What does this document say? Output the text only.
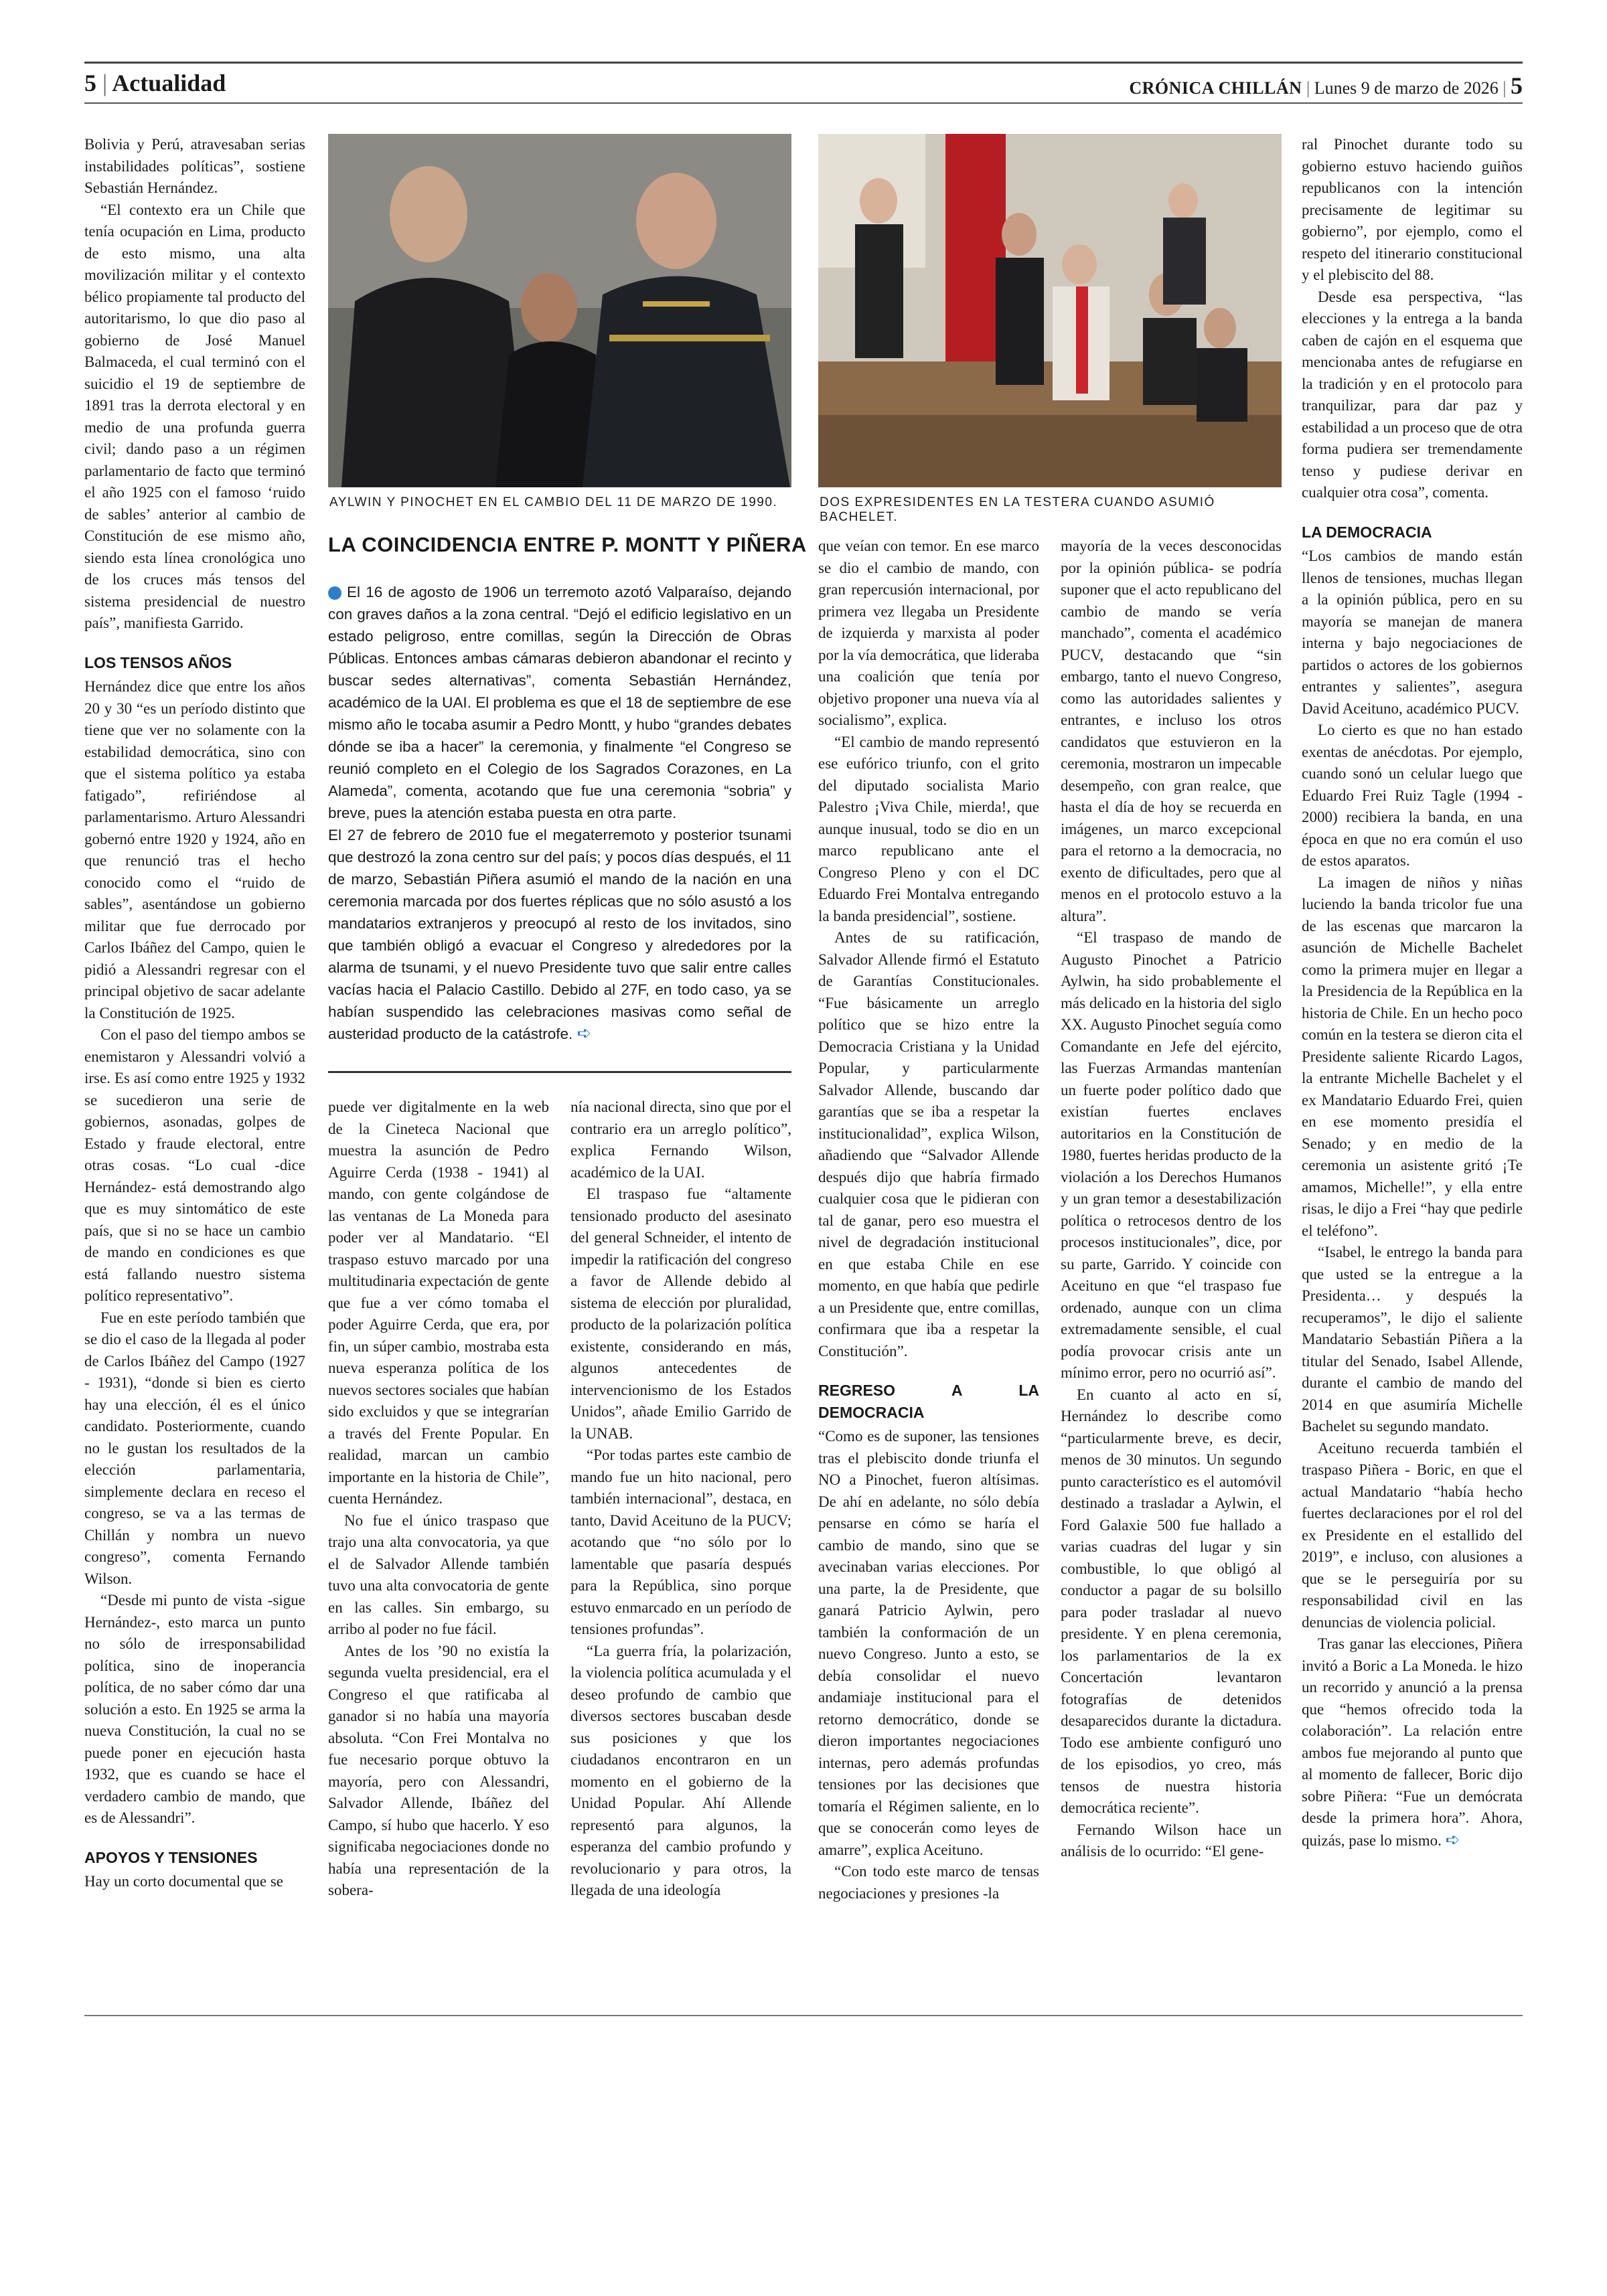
5 | Actualidad	CRÓNICA CHILLÁN | Lunes 9 de marzo de 2026 | 5
AYLWIN Y PINOCHET EN EL CAMBIO DEL 11 DE MARZO DE 1990.	DOS EXPRESIDENTES EN LA TESTERA CUANDO ASUMIÓ BACHELET.
LA COINCIDENCIA ENTRE P. MONTT Y PIÑERA

El 16 de agosto de 1906 un terremoto azotó Valparaíso, dejando con graves daños a la zona central. “Dejó el edificio legislativo en un estado peligroso, entre comillas, según la Dirección de Obras Públicas. Entonces ambas cámaras debieron abandonar el recinto y buscar sedes alternativas”, comenta Sebastián Hernández, académico de la UAI. El problema es que el 18 de septiembre de ese mismo año le tocaba asumir a Pedro Montt, y hubo “grandes debates dónde se iba a hacer” la ceremonia, y finalmente “el Congreso se reunió completo en el Colegio de los Sagrados Corazones, en La Alameda”, comenta, acotando que fue una ceremonia “sobria” y breve, pues la atención estaba puesta en otra parte.

El 27 de febrero de 2010 fue el megaterremoto y posterior tsunami que destrozó la zona centro sur del país; y pocos días después, el 11 de marzo, Sebastián Piñera asumió el mando de la nación en una ceremonia marcada por dos fuertes réplicas que no sólo asustó a los mandatarios extranjeros y preocupó al resto de los invitados, sino que también obligó a evacuar el Congreso y alrededores por la alarma de tsunami, y el nuevo Presidente tuvo que salir entre calles vacías hacia el Palacio Castillo. Debido al 27F, en todo caso, ya se habían suspendido las celebraciones masivas como señal de austeridad producto de la catástrofe. ➪

Bolivia y Perú, atravesaban serias instabilidades políticas”, sostiene Sebastián Hernández.

“El contexto era un Chile que tenía ocupación en Lima, producto de esto mismo, una alta movilización militar y el contexto bélico propiamente tal producto del autoritarismo, lo que dio paso al gobierno de José Manuel Balmaceda, el cual terminó con el suicidio el 19 de septiembre de 1891 tras la derrota electoral y en medio de una profunda guerra civil; dando paso a un régimen parlamentario de facto que terminó el año 1925 con el famoso ‘ruido de sables’ anterior al cambio de Constitución de ese mismo año, siendo esta línea cronológica uno de los cruces más tensos del sistema presidencial de nuestro país”, manifiesta Garrido.

LOS TENSOS AÑOS

Hernández dice que entre los años 20 y 30 “es un período distinto que tiene que ver no solamente con la estabilidad democrática, sino con que el sistema político ya estaba fatigado”, refiriéndose al parlamentarismo. Arturo Alessandri gobernó entre 1920 y 1924, año en que renunció tras el hecho conocido como el “ruido de sables”, asentándose un gobierno militar que fue derrocado por Carlos Ibáñez del Campo, quien le pidió a Alessandri regresar con el principal objetivo de sacar adelante la Constitución de 1925.

Con el paso del tiempo ambos se enemistaron y Alessandri volvió a irse. Es así como entre 1925 y 1932 se sucedieron una serie de gobiernos, asonadas, golpes de Estado y fraude electoral, entre otras cosas. “Lo cual -dice Hernández- está demostrando algo que es muy sintomático de este país, que si no se hace un cambio de mando en condiciones es que está fallando nuestro sistema político representativo”.

Fue en este período también que se dio el caso de la llegada al poder de Carlos Ibáñez del Campo (1927 - 1931), “donde si bien es cierto hay una elección, él es el único candidato. Posteriormente, cuando no le gustan los resultados de la elección parlamentaria, simplemente declara en receso el congreso, se va a las termas de Chillán y nombra un nuevo congreso”, comenta Fernando Wilson.

“Desde mi punto de vista -sigue Hernández-, esto marca un punto no sólo de irresponsabilidad política, sino de inoperancia política, de no saber cómo dar una solución a esto. En 1925 se arma la nueva Constitución, la cual no se puede poner en ejecución hasta 1932, que es cuando se hace el verdadero cambio de mando, que es de Alessandri”.

APOYOS Y TENSIONES

Hay un corto documental que se

puede ver digitalmente en la web de la Cineteca Nacional que muestra la asunción de Pedro Aguirre Cerda (1938 - 1941) al mando, con gente colgándose de las ventanas de La Moneda para poder ver al Mandatario. “El traspaso estuvo marcado por una multitudinaria expectación de gente que fue a ver cómo tomaba el poder Aguirre Cerda, que era, por fin, un súper cambio, mostraba esta nueva esperanza política de los nuevos sectores sociales que habían sido excluidos y que se integrarían a través del Frente Popular. En realidad, marcan un cambio importante en la historia de Chile”, cuenta Hernández.

No fue el único traspaso que trajo una alta convocatoria, ya que el de Salvador Allende también tuvo una alta convocatoria de gente en las calles. Sin embargo, su arribo al poder no fue fácil.

Antes de los ’90 no existía la segunda vuelta presidencial, era el Congreso el que ratificaba al ganador si no había una mayoría absoluta. “Con Frei Montalva no fue necesario porque obtuvo la mayoría, pero con Alessandri, Salvador Allende, Ibáñez del Campo, sí hubo que hacerlo. Y eso significaba negociaciones donde no había una representación de la sobera-

nía nacional directa, sino que por el contrario era un arreglo político”, explica Fernando Wilson, académico de la UAI.

El traspaso fue “altamente tensionado producto del asesinato del general Schneider, el intento de impedir la ratificación del congreso a favor de Allende debido al sistema de elección por pluralidad, producto de la polarización política existente, considerando en más, algunos antecedentes de intervencionismo de los Estados Unidos”, añade Emilio Garrido de la UNAB.

“Por todas partes este cambio de mando fue un hito nacional, pero también internacional”, destaca, en tanto, David Aceituno de la PUCV; acotando que “no sólo por lo lamentable que pasaría después para la República, sino porque estuvo enmarcado en un período de tensiones profundas”.

“La guerra fría, la polarización, la violencia política acumulada y el deseo profundo de cambio que diversos sectores buscaban desde sus posiciones y que los ciudadanos encontraron en un momento en el gobierno de la Unidad Popular. Ahí Allende representó para algunos, la esperanza del cambio profundo y revolucionario y para otros, la llegada de una ideología

que veían con temor. En ese marco se dio el cambio de mando, con gran repercusión internacional, por primera vez llegaba un Presidente de izquierda y marxista al poder por la vía democrática, que lideraba una coalición que tenía por objetivo proponer una nueva vía al socialismo”, explica.

“El cambio de mando representó ese eufórico triunfo, con el grito del diputado socialista Mario Palestro ¡Viva Chile, mierda!, que aunque inusual, todo se dio en un marco republicano ante el Congreso Pleno y con el DC Eduardo Frei Montalva entregando la banda presidencial”, sostiene.

Antes de su ratificación, Salvador Allende firmó el Estatuto de Garantías Constitucionales. “Fue básicamente un arreglo político que se hizo entre la Democracia Cristiana y la Unidad Popular, y particularmente Salvador Allende, buscando dar garantías que se iba a respetar la institucionalidad”, explica Wilson, añadiendo que “Salvador Allende después dijo que habría firmado cualquier cosa que le pidieran con tal de ganar, pero eso muestra el nivel de degradación institucional en que estaba Chile en ese momento, en que había que pedirle a un Presidente que, entre comillas, confirmara que iba a respetar la Constitución”.

REGRESO A LA DEMOCRACIA

“Como es de suponer, las tensiones tras el plebiscito donde triunfa el NO a Pinochet, fueron altísimas. De ahí en adelante, no sólo debía pensarse en cómo se haría el cambio de mando, sino que se avecinaban varias elecciones. Por una parte, la de Presidente, que ganará Patricio Aylwin, pero también la conformación de un nuevo Congreso. Junto a esto, se debía consolidar el nuevo andamiaje institucional para el retorno democrático, donde se dieron importantes negociaciones internas, pero además profundas tensiones por las decisiones que tomaría el Régimen saliente, en lo que se conocerán como leyes de amarre”, explica Aceituno.

“Con todo este marco de tensas negociaciones y presiones -la

mayoría de la veces desconocidas por la opinión pública- se podría suponer que el acto republicano del cambio de mando se vería manchado”, comenta el académico PUCV, destacando que “sin embargo, tanto el nuevo Congreso, como las autoridades salientes y entrantes, e incluso los otros candidatos que estuvieron en la ceremonia, mostraron un impecable desempeño, con gran realce, que hasta el día de hoy se recuerda en imágenes, un marco excepcional para el retorno a la democracia, no exento de dificultades, pero que al menos en el protocolo estuvo a la altura”.

“El traspaso de mando de Augusto Pinochet a Patricio Aylwin, ha sido probablemente el más delicado en la historia del siglo XX. Augusto Pinochet seguía como Comandante en Jefe del ejército, las Fuerzas Armandas mantenían un fuerte poder político dado que existían fuertes enclaves autoritarios en la Constitución de 1980, fuertes heridas producto de la violación a los Derechos Humanos y un gran temor a desestabilización política o retrocesos dentro de los procesos institucionales”, dice, por su parte, Garrido. Y coincide con Aceituno en que “el traspaso fue ordenado, aunque con un clima extremadamente sensible, el cual podía provocar crisis ante un mínimo error, pero no ocurrió así”.

En cuanto al acto en sí, Hernández lo describe como “particularmente breve, es decir, menos de 30 minutos. Un segundo punto característico es el automóvil destinado a trasladar a Aylwin, el Ford Galaxie 500 fue hallado a varias cuadras del lugar y sin combustible, lo que obligó al conductor a pagar de su bolsillo para poder trasladar al nuevo presidente. Y en plena ceremonia, los parlamentarios de la ex Concertación levantaron fotografías de detenidos desaparecidos durante la dictadura. Todo ese ambiente configuró uno de los episodios, yo creo, más tensos de nuestra historia democrática reciente”.

Fernando Wilson hace un análisis de lo ocurrido: “El gene-

ral Pinochet durante todo su gobierno estuvo haciendo guiños republicanos con la intención precisamente de legitimar su gobierno”, por ejemplo, como el respeto del itinerario constitucional y el plebiscito del 88.

Desde esa perspectiva, “las elecciones y la entrega a la banda caben de cajón en el esquema que mencionaba antes de refugiarse en la tradición y en el protocolo para tranquilizar, para dar paz y estabilidad a un proceso que de otra forma pudiera ser tremendamente tenso y pudiese derivar en cualquier otra cosa”, comenta.

LA DEMOCRACIA

“Los cambios de mando están llenos de tensiones, muchas llegan a la opinión pública, pero en su mayoría se manejan de manera interna y bajo negociaciones de partidos o actores de los gobiernos entrantes y salientes”, asegura David Aceituno, académico PUCV.

Lo cierto es que no han estado exentas de anécdotas. Por ejemplo, cuando sonó un celular luego que Eduardo Frei Ruiz Tagle (1994 - 2000) recibiera la banda, en una época en que no era común el uso de estos aparatos.

La imagen de niños y niñas luciendo la banda tricolor fue una de las escenas que marcaron la asunción de Michelle Bachelet como la primera mujer en llegar a la Presidencia de la República en la historia de Chile. En un hecho poco común en la testera se dieron cita el Presidente saliente Ricardo Lagos, la entrante Michelle Bachelet y el ex Mandatario Eduardo Frei, quien en ese momento presidía el Senado; y en medio de la ceremonia un asistente gritó ¡Te amamos, Michelle!”, y ella entre risas, le dijo a Frei “hay que pedirle el teléfono”.

“Isabel, le entrego la banda para que usted se la entregue a la Presidenta… y después la recuperamos”, le dijo el saliente Mandatario Sebastián Piñera a la titular del Senado, Isabel Allende, durante el cambio de mando del 2014 en que asumiría Michelle Bachelet su segundo mandato.

Aceituno recuerda también el traspaso Piñera - Boric, en que el actual Mandatario “había hecho fuertes declaraciones por el rol del ex Presidente en el estallido del 2019”, e incluso, con alusiones a que se le perseguiría por su responsabilidad civil en las denuncias de violencia policial.

Tras ganar las elecciones, Piñera invitó a Boric a La Moneda. le hizo un recorrido y anunció a la prensa que “hemos ofrecido toda la colaboración”. La relación entre ambos fue mejorando al punto que al momento de fallecer, Boric dijo sobre Piñera: “Fue un demócrata desde la primera hora”. Ahora, quizás, pase lo mismo. ➪
